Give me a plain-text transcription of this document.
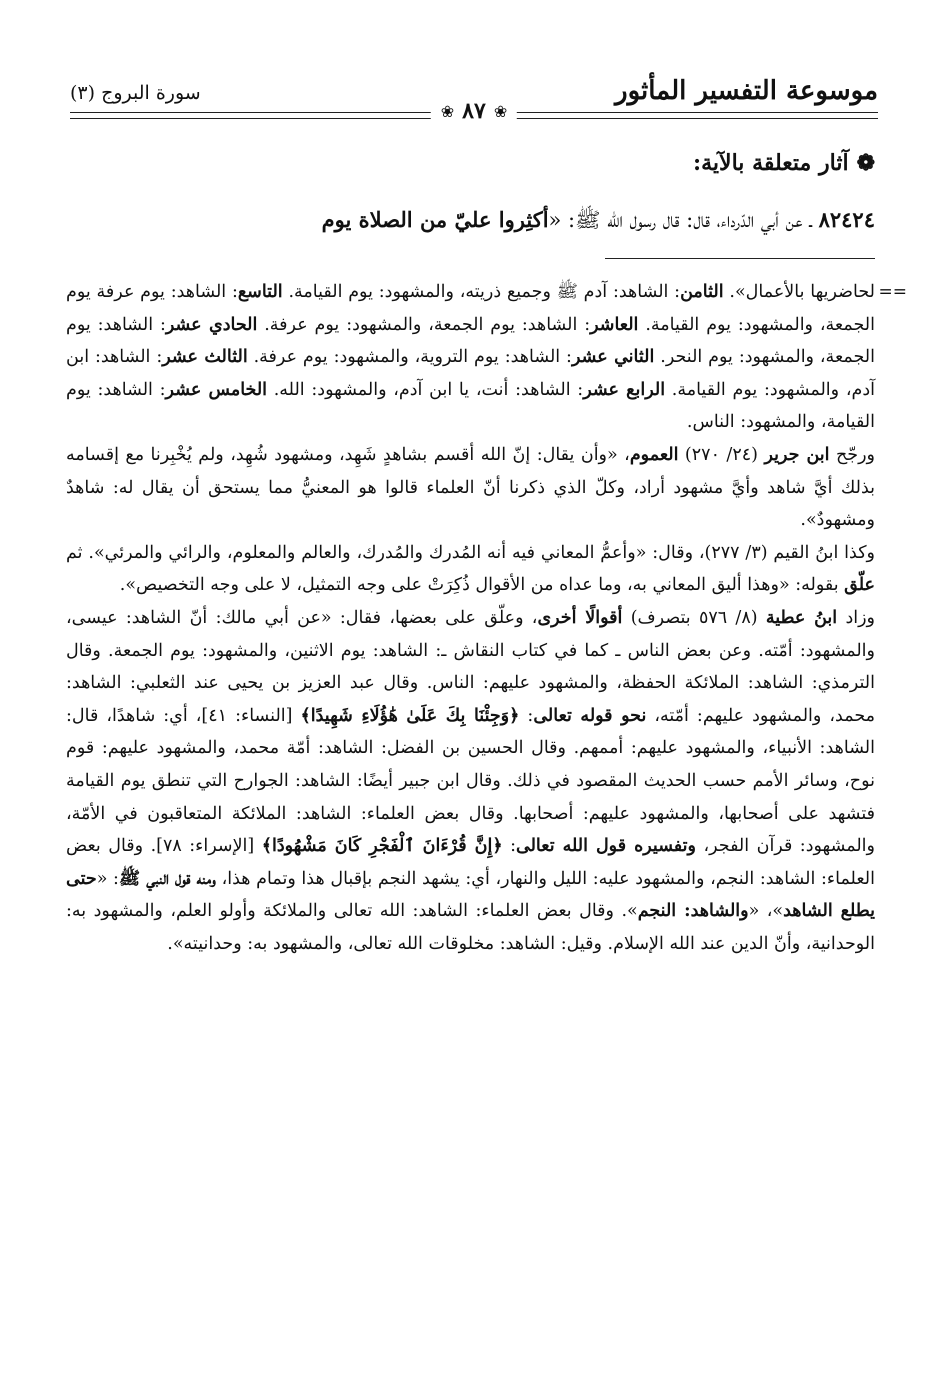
موسوعة التفسير المأثور
سورة البروج (٣)
❀
٨٧
❀
❁
آثار متعلقة بالآية:
٨٢٤٢٤ ـ عن أبي الدّرداء، قال: قال رسول الله ﷺ: «أكثِروا عليّ من الصلاة يوم
==

لحاضريها بالأعمال». الثامن: الشاهد: آدم ﷺ وجميع ذريته، والمشهود: يوم القيامة. التاسع: الشاهد: يوم عرفة يوم الجمعة، والمشهود: يوم القيامة. العاشر: الشاهد: يوم الجمعة، والمشهود: يوم عرفة. الحادي عشر: الشاهد: يوم الجمعة، والمشهود: يوم النحر. الثاني عشر: الشاهد: يوم التروية، والمشهود: يوم عرفة. الثالث عشر: الشاهد: ابن آدم، والمشهود: يوم القيامة. الرابع عشر: الشاهد: أنت، يا ابن آدم، والمشهود: الله. الخامس عشر: الشاهد: يوم القيامة، والمشهود: الناس.

ورجّح ابن جرير (٢٤/ ٢٧٠) العموم، «وأن يقال: إنّ الله أقسم بشاهدٍ شَهِد، ومشهود شُهِد، ولم يُخْبِرنا مع إقسامه بذلك أيَّ شاهد وأيَّ مشهود أراد، وكلّ الذي ذكرنا أنّ العلماء قالوا هو المعنيُّ مما يستحق أن يقال له: شاهدٌ ومشهودٌ».

وكذا ابنُ القيم (٣/ ٢٧٧)، وقال: «وأعمُّ المعاني فيه أنه المُدرك والمُدرك، والعالم والمعلوم، والرائي والمرئي». ثم علّق بقوله: «وهذا أليق المعاني به، وما عداه من الأقوال ذُكِرَتْ على وجه التمثيل، لا على وجه التخصيص».

وزاد ابنُ عطية (٨/ ٥٧٦ بتصرف) أقوالًا أخرى، وعلّق على بعضها، فقال: «عن أبي مالك: أنّ الشاهد: عيسى، والمشهود: أمّته. وعن بعض الناس ـ كما في كتاب النقاش ـ: الشاهد: يوم الاثنين، والمشهود: يوم الجمعة. وقال الترمذي: الشاهد: الملائكة الحفظة، والمشهود عليهم: الناس. وقال عبد العزيز بن يحيى عند الثعلبي: الشاهد: محمد، والمشهود عليهم: أمّته، نحو قوله تعالى: ﴿وَجِئْنَا بِكَ عَلَىٰ هَٰؤُلَاءِ شَهِيدًا﴾ [النساء: ٤١]، أي: شاهدًا، قال: الشاهد: الأنبياء، والمشهود عليهم: أممهم. وقال الحسين بن الفضل: الشاهد: أمّة محمد، والمشهود عليهم: قوم نوح، وسائر الأمم حسب الحديث المقصود في ذلك. وقال ابن جبير أيضًا: الشاهد: الجوارح التي تنطق يوم القيامة فتشهد على أصحابها، والمشهود عليهم: أصحابها. وقال بعض العلماء: الشاهد: الملائكة المتعاقبون في الأمّة، والمشهود: قرآن الفجر، وتفسيره قول الله تعالى: ﴿إِنَّ قُرْءَانَ ٱلْفَجْرِ كَانَ مَشْهُودًا﴾ [الإسراء: ٧٨]. وقال بعض العلماء: الشاهد: النجم، والمشهود عليه: الليل والنهار، أي: يشهد النجم بإقبال هذا وتمام هذا، ومنه قول النبي ﷺ: «حتى يطلع الشاهد»، «والشاهد: النجم». وقال بعض العلماء: الشاهد: الله تعالى والملائكة وأولو العلم، والمشهود به: الوحدانية، وأنّ الدين عند الله الإسلام. وقيل: الشاهد: مخلوقات الله تعالى، والمشهود به: وحدانيته».
